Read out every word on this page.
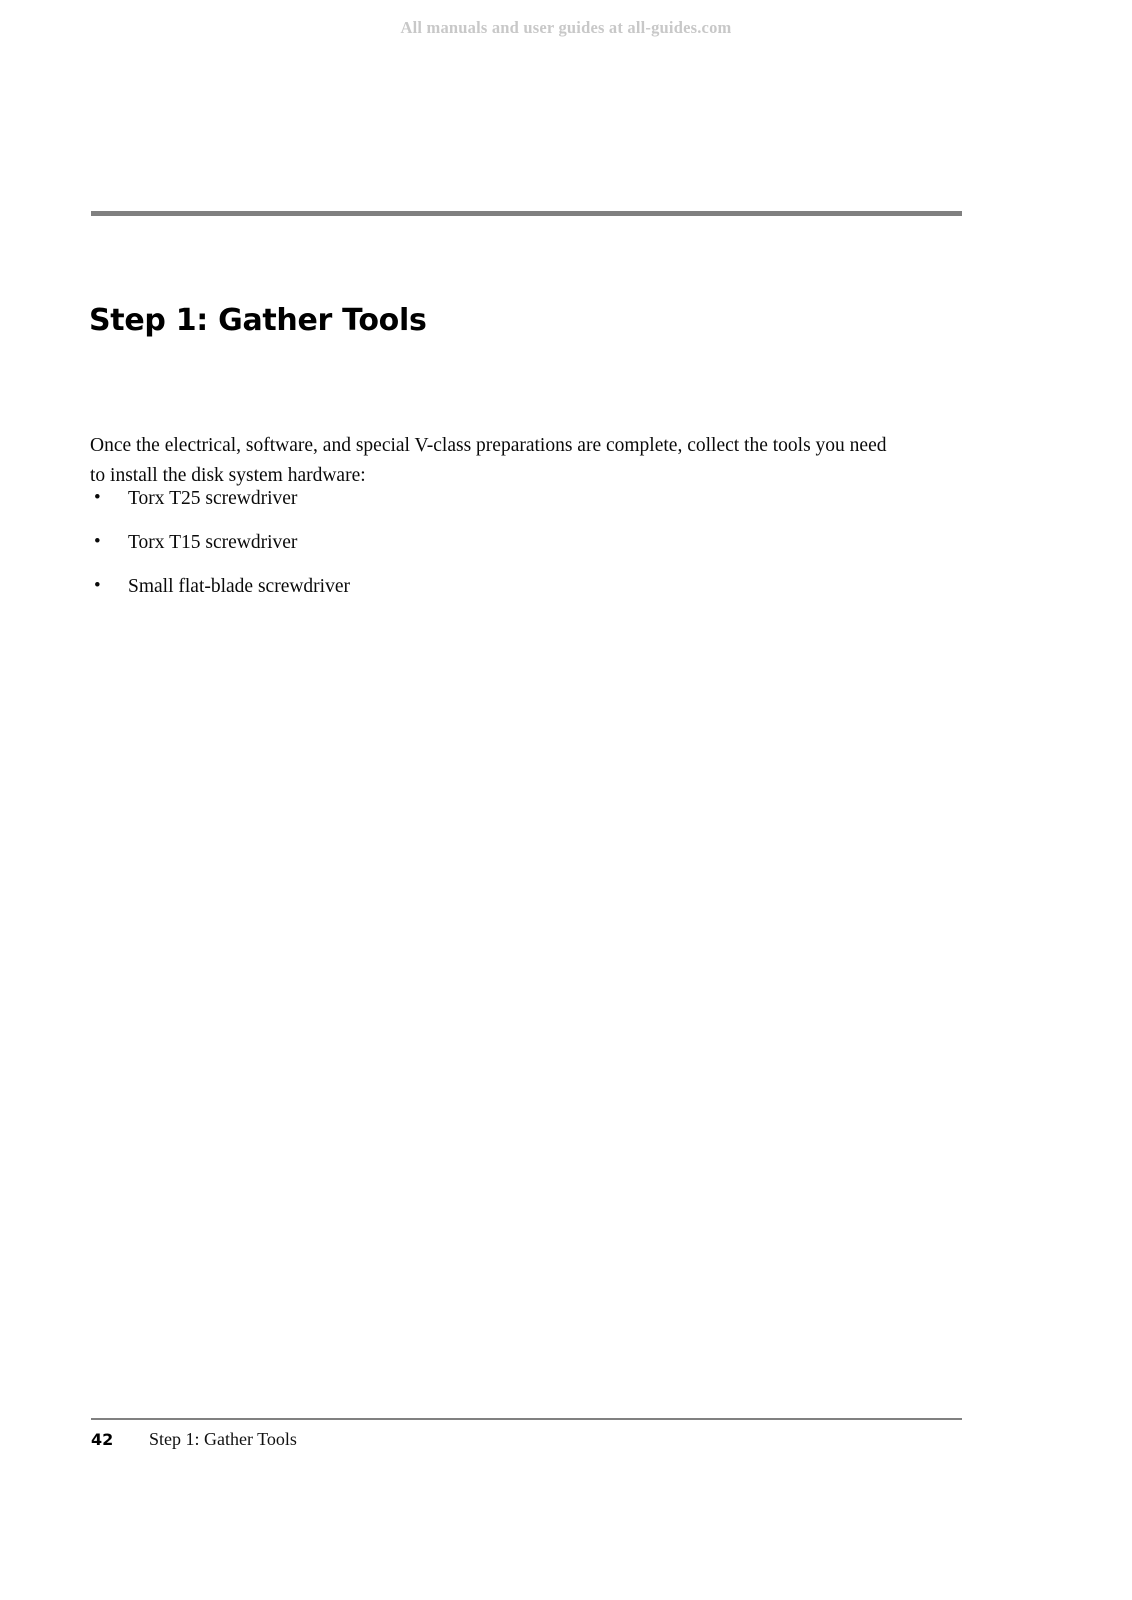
All manuals and user guides at all-guides.com
Step 1: Gather Tools

Once the electrical, software, and special V-class preparations are complete, collect the tools you need to install the disk system hardware:

• Torx T25 screwdriver
• Torx T15 screwdriver
• Small flat-blade screwdriver
42	Step 1: Gather Tools
